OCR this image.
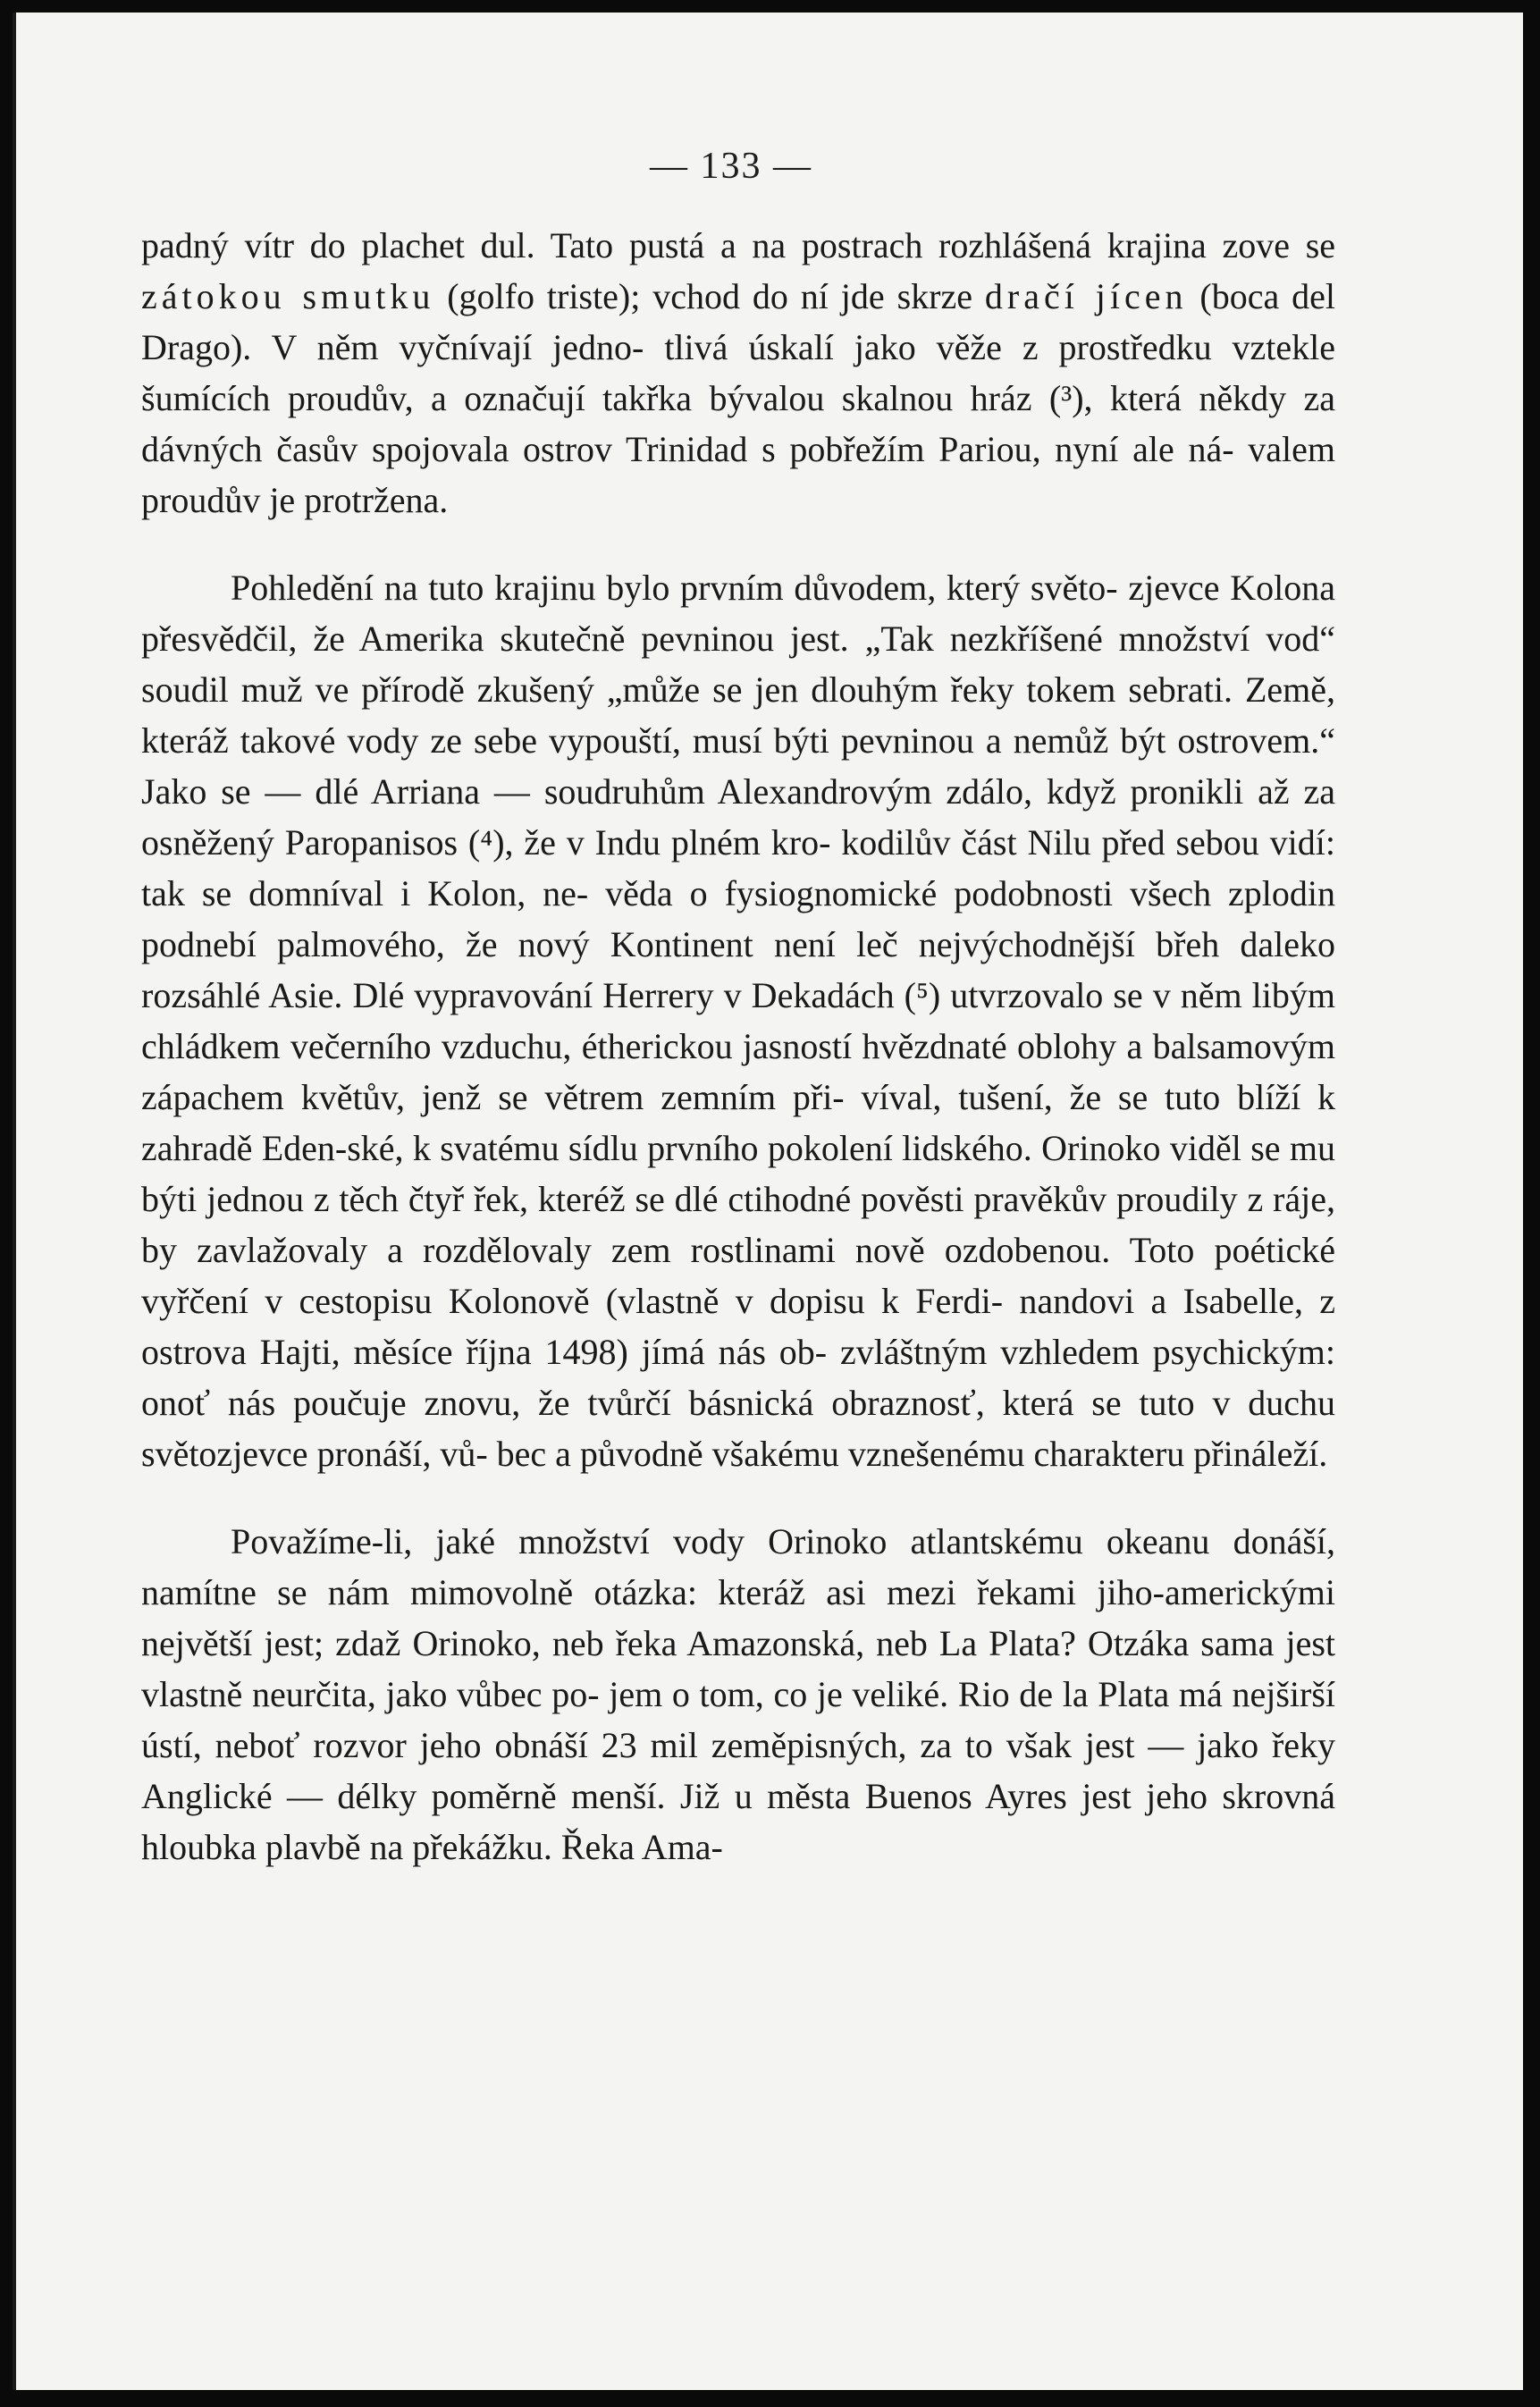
— 133 —

padný vítr do plachet dul. Tato pustá a na postrach rozhlášená krajina zove se zátokou smutku (golfo triste); vchod do ní jde skrze dračí jícen (boca del Drago). V něm vyčnívají jedno- tlivá úskalí jako věže z prostředku vztekle šumících proudův, a označují takřka bývalou skalnou hráz (³), která někdy za dávných časův spojovala ostrov Trinidad s pobřežím Pariou, nyní ale ná- valem proudův je protržena.

Pohledění na tuto krajinu bylo prvním důvodem, který světo- zjevce Kolona přesvědčil, že Amerika skutečně pevninou jest. „Tak nezkříšené množství vod“ soudil muž ve přírodě zkušený „může se jen dlouhým řeky tokem sebrati. Země, kteráž takové vody ze sebe vypouští, musí býti pevninou a nemůž být ostrovem.“ Jako se — dlé Arriana — soudruhům Alexandrovým zdálo, když pronikli až za osněžený Paropanisos (⁴), že v Indu plném kro- kodilův část Nilu před sebou vidí: tak se domníval i Kolon, ne- věda o fysiognomické podobnosti všech zplodin podnebí palmového, že nový Kontinent není leč nejvýchodnější břeh daleko rozsáhlé Asie. Dlé vypravování Herrery v Dekadách (⁵) utvrzovalo se v něm libým chládkem večerního vzduchu, étherickou jasností hvězdnaté oblohy a balsamovým zápachem květův, jenž se větrem zemním při- víval, tušení, že se tuto blíží k zahradě Eden-ské, k svatému sídlu prvního pokolení lidského. Orinoko viděl se mu býti jednou z těch čtyř řek, kteréž se dlé ctihodné pověsti pravěkův proudily z ráje, by zavlažovaly a rozdělovaly zem rostlinami nově ozdobenou. Toto poétické vyřčení v cestopisu Kolonově (vlastně v dopisu k Ferdi- nandovi a Isabelle, z ostrova Hajti, měsíce října 1498) jímá nás ob- zvláštným vzhledem psychickým: onoť nás poučuje znovu, že tvůrčí básnická obraznosť, která se tuto v duchu světozjevce pronáší, vů- bec a původně všakému vznešenému charakteru přináleží.

Považíme-li, jaké množství vody Orinoko atlantskému okeanu donáší, namítne se nám mimovolně otázka: kteráž asi mezi řekami jiho-americkými největší jest; zdaž Orinoko, neb řeka Amazonská, neb La Plata? Otzáka sama jest vlastně neurčita, jako vůbec po- jem o tom, co je veliké. Rio de la Plata má nejširší ústí, neboť rozvor jeho obnáší 23 mil zeměpisných, za to však jest — jako řeky Anglické — délky poměrně menší. Již u města Buenos Ayres jest jeho skrovná hloubka plavbě na překážku. Řeka Ama-
